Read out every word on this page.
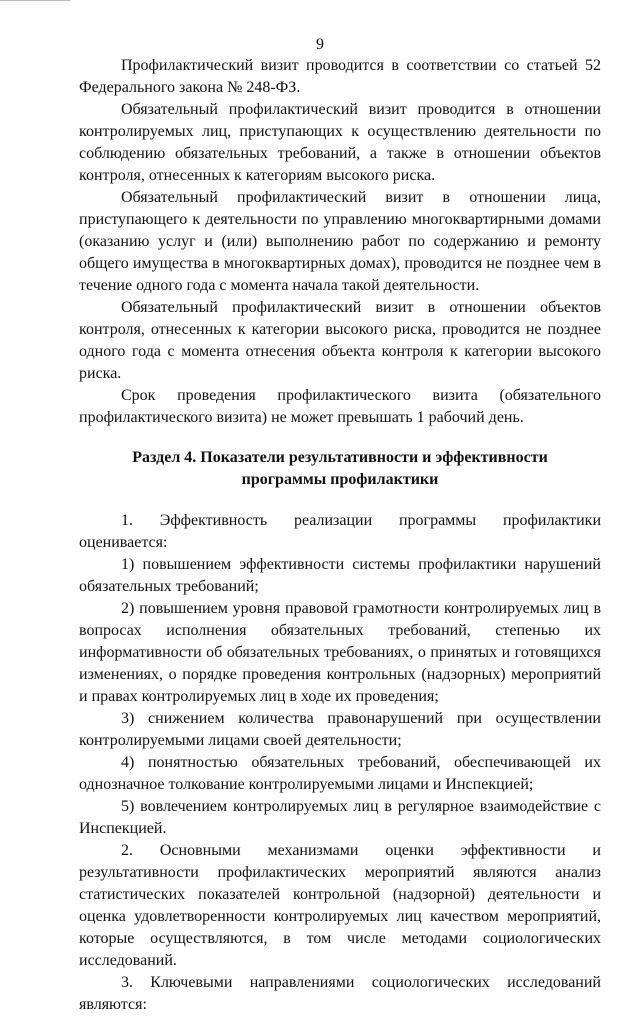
9

Профилактический визит проводится в соответствии со статьей 52 Федерального закона № 248-ФЗ.

Обязательный профилактический визит проводится в отношении контролируемых лиц, приступающих к осуществлению деятельности по соблюдению обязательных требований, а также в отношении объектов контроля, отнесенных к категориям высокого риска.

Обязательный профилактический визит в отношении лица, приступающего к деятельности по управлению многоквартирными домами (оказанию услуг и (или) выполнению работ по содержанию и ремонту общего имущества в многоквартирных домах), проводится не позднее чем в течение одного года с момента начала такой деятельности.

Обязательный профилактический визит в отношении объектов контроля, отнесенных к категории высокого риска, проводится не позднее одного года с момента отнесения объекта контроля к категории высокого риска.

Срок проведения профилактического визита (обязательного профилактического визита) не может превышать 1 рабочий день.

Раздел 4. Показатели результативности и эффективности программы профилактики

1. Эффективность реализации программы профилактики оценивается:

1) повышением эффективности системы профилактики нарушений обязательных требований;

2) повышением уровня правовой грамотности контролируемых лиц в вопросах исполнения обязательных требований, степенью их информативности об обязательных требованиях, о принятых и готовящихся изменениях, о порядке проведения контрольных (надзорных) мероприятий и правах контролируемых лиц в ходе их проведения;

3) снижением количества правонарушений при осуществлении контролируемыми лицами своей деятельности;

4) понятностью обязательных требований, обеспечивающей их однозначное толкование контролируемыми лицами и Инспекцией;

5) вовлечением контролируемых лиц в регулярное взаимодействие с Инспекцией.

2. Основными механизмами оценки эффективности и результативности профилактических мероприятий являются анализ статистических показателей контрольной (надзорной) деятельности и оценка удовлетворенности контролируемых лиц качеством мероприятий, которые осуществляются, в том числе методами социологических исследований.

3. Ключевыми направлениями социологических исследований являются:
